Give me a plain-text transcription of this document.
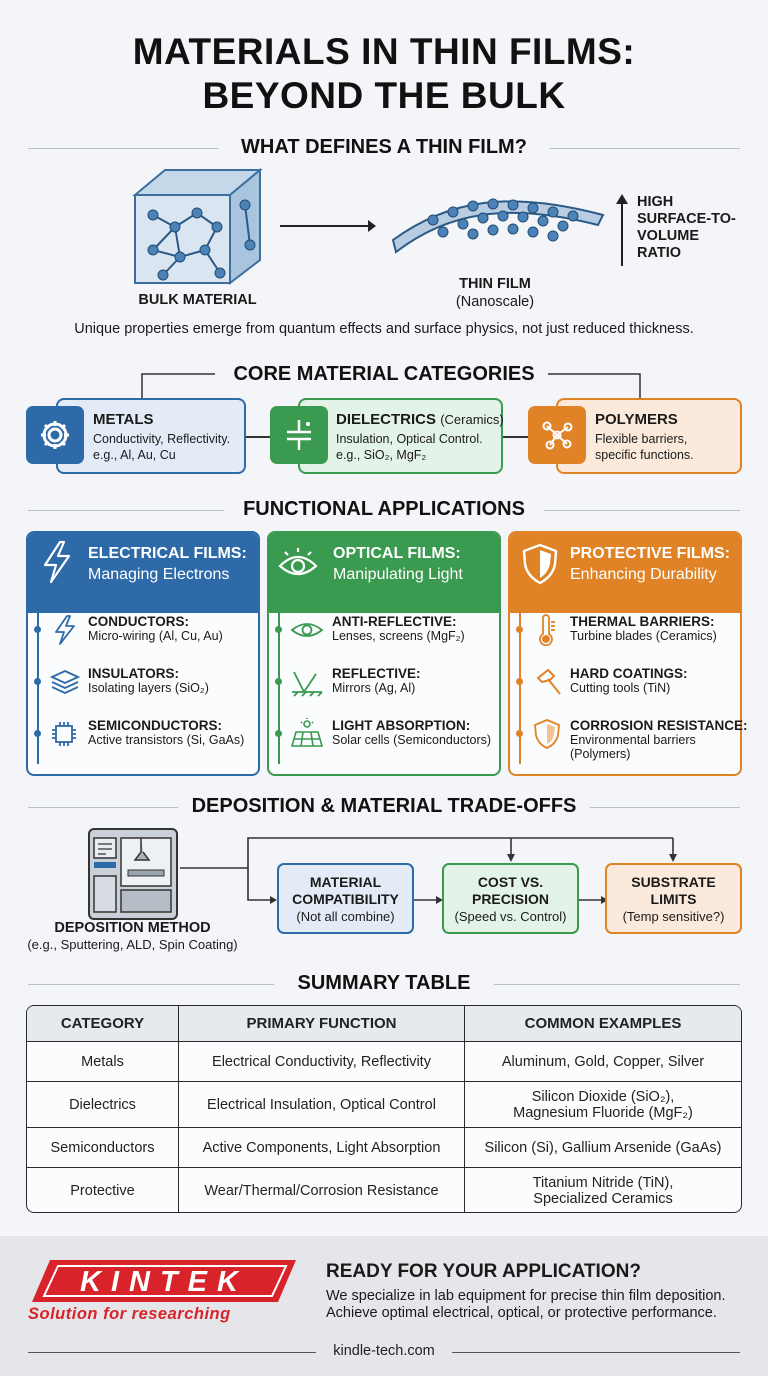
MATERIALS IN THIN FILMS:
BEYOND THE BULK
WHAT DEFINES A THIN FILM?
BULK MATERIAL
THIN FILM
(Nanoscale)
HIGH
SURFACE-TO-
VOLUME
RATIO
Unique properties emerge from quantum effects and surface physics, not just reduced thickness.
CORE MATERIAL CATEGORIES
METALS
Conductivity, Reflectivity.
e.g., Al, Au, Cu
DIELECTRICS (Ceramics)
Insulation, Optical Control.
e.g., SiO₂, MgF₂
POLYMERS
Flexible barriers,
specific functions.
FUNCTIONAL APPLICATIONS
ELECTRICAL FILMS:
Managing Electrons
CONDUCTORS:
Micro-wiring (Al, Cu, Au)
INSULATORS:
Isolating layers (SiO₂)
SEMICONDUCTORS:
Active transistors (Si, GaAs)
OPTICAL FILMS:
Manipulating Light
ANTI-REFLECTIVE:
Lenses, screens (MgF₂)
REFLECTIVE:
Mirrors (Ag, Al)
LIGHT ABSORPTION:
Solar cells (Semiconductors)
PROTECTIVE FILMS:
Enhancing Durability
THERMAL BARRIERS:
Turbine blades (Ceramics)
HARD COATINGS:
Cutting tools (TiN)
CORROSION RESISTANCE:
Environmental barriers
(Polymers)
DEPOSITION & MATERIAL TRADE-OFFS
DEPOSITION METHOD
(e.g., Sputtering, ALD, Spin Coating)
MATERIAL
COMPATIBILITY
(Not all combine)
COST VS.
PRECISION
(Speed vs. Control)
SUBSTRATE
LIMITS
(Temp sensitive?)
SUMMARY TABLE
CATEGORY	PRIMARY FUNCTION	COMMON EXAMPLES
Metals	Electrical Conductivity, Reflectivity	Aluminum, Gold, Copper, Silver

Dielectrics	Electrical Insulation, Optical Control	Silicon Dioxide (SiO₂),
Magnesium Fluoride (MgF₂)

Semiconductors	Active Components, Light Absorption	Silicon (Si), Gallium Arsenide (GaAs)

Protective	Wear/Thermal/Corrosion Resistance	Titanium Nitride (TiN),
Specialized Ceramics
KINTEK
Solution for researching
READY FOR YOUR APPLICATION?
We specialize in lab equipment for precise thin film deposition.
Achieve optimal electrical, optical, or protective performance.
kindle-tech.com
